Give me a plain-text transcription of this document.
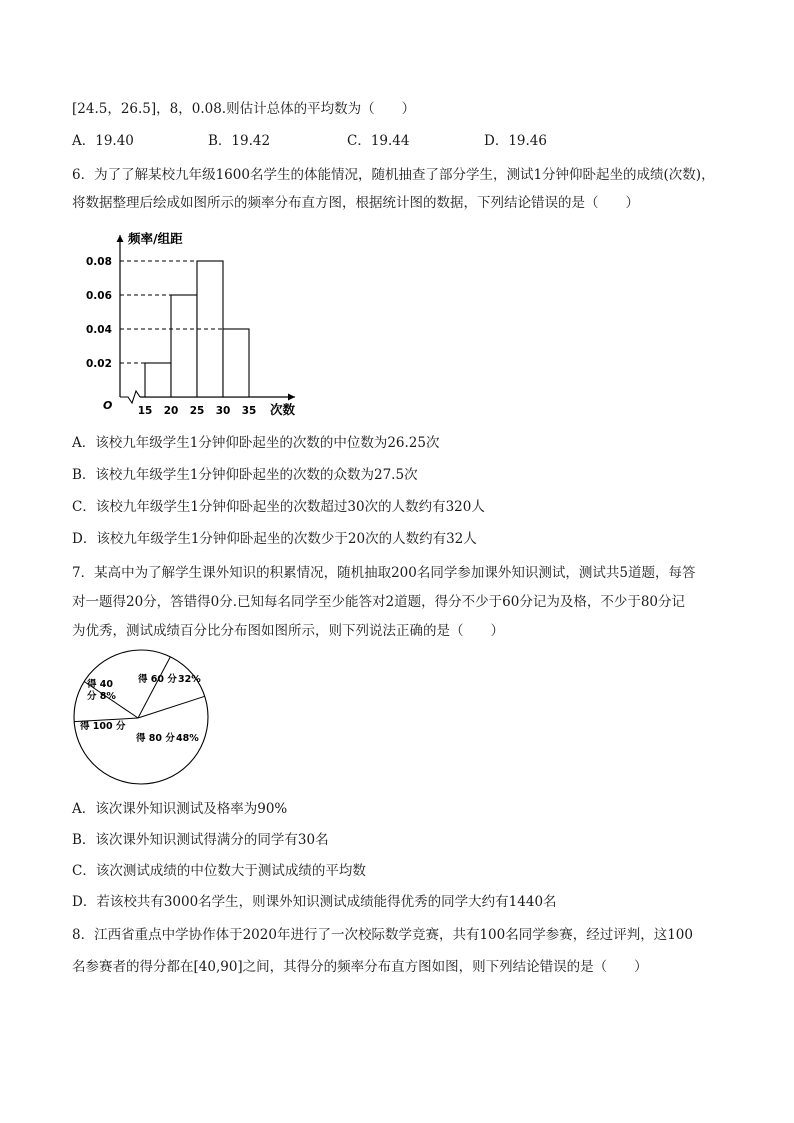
[24.5，26.5]，8，0.08.则估计总体的平均数为（　　）
A．19.40	B．19.42	C．19.44	D．19.46
6．为了了解某校九年级1600名学生的体能情况，随机抽查了部分学生，测试1分钟仰卧起坐的成绩(次数)，
将数据整理后绘成如图所示的频率分布直方图，根据统计图的数据，下列结论错误的是（　　）
频率/组距
次数
O
0.02
0.04
0.06
0.08
15 20 25 30 35
A．该校九年级学生1分钟仰卧起坐的次数的中位数为26.25次
B．该校九年级学生1分钟仰卧起坐的次数的众数为27.5次
C．该校九年级学生1分钟仰卧起坐的次数超过30次的人数约有320人
D．该校九年级学生1分钟仰卧起坐的次数少于20次的人数约有32人
7．某高中为了解学生课外知识的积累情况，随机抽取200名同学参加课外知识测试，测试共5道题，每答
对一题得20分，答错得0分.已知每名同学至少能答对2道题，得分不少于60分记为及格，不少于80分记
为优秀，测试成绩百分比分布图如图所示，则下列说法正确的是（　　）
得 60 分 32%
得 80 分 48%
得 100 分
得 40
分 8%
A．该次课外知识测试及格率为90%
B．该次课外知识测试得满分的同学有30名
C．该次测试成绩的中位数大于测试成绩的平均数
D．若该校共有3000名学生，则课外知识测试成绩能得优秀的同学大约有1440名
8．江西省重点中学协作体于2020年进行了一次校际数学竞赛，共有100名同学参赛，经过评判，这100
名参赛者的得分都在[40,90]之间，其得分的频率分布直方图如图，则下列结论错误的是（　　）
